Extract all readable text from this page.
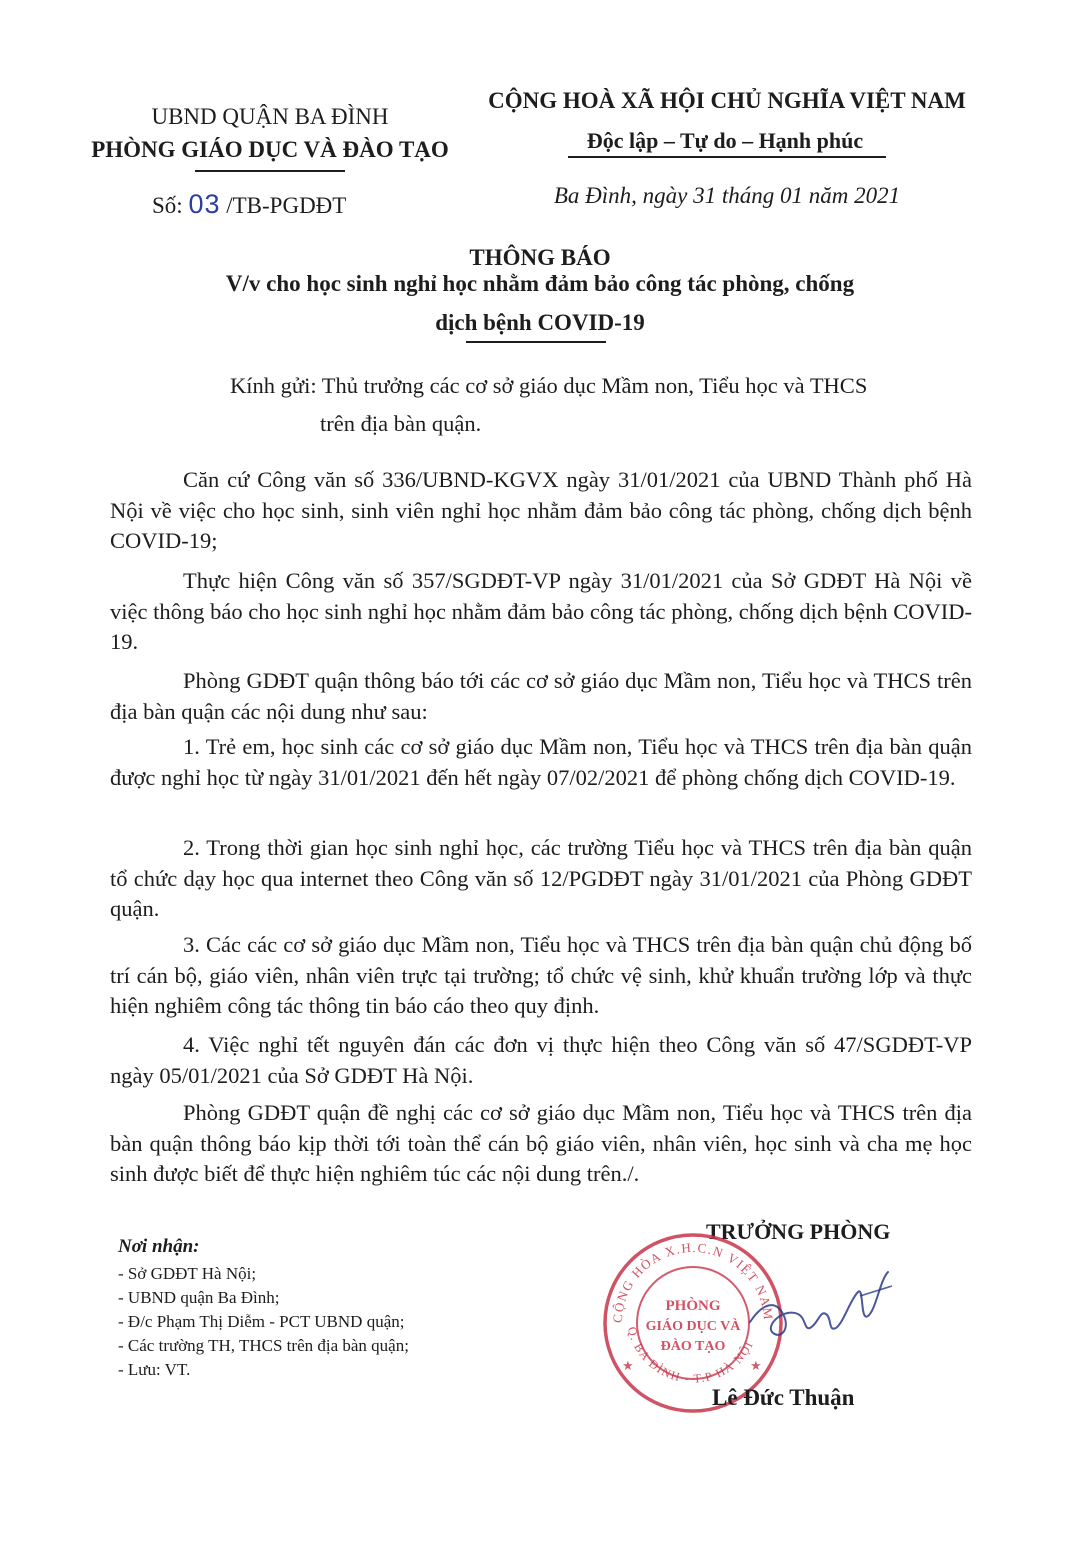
UBND QUẬN BA ĐÌNH
PHÒNG GIÁO DỤC VÀ ĐÀO TẠO
CỘNG HOÀ XÃ HỘI CHỦ NGHĨA VIỆT NAM
Độc lập – Tự do – Hạnh phúc
Số: 03 /TB-PGDĐT	Ba Đình, ngày 31 tháng 01 năm 2021
THÔNG BÁO
V/v cho học sinh nghỉ học nhằm đảm bảo công tác phòng, chống
dịch bệnh COVID-19
Kính gửi: Thủ trưởng các cơ sở giáo dục Mầm non, Tiểu học và THCS
trên địa bàn quận.
Căn cứ Công văn số 336/UBND-KGVX ngày 31/01/2021 của UBND Thành phố Hà Nội về việc cho học sinh, sinh viên nghỉ học nhằm đảm bảo công tác phòng, chống dịch bệnh COVID-19;
Thực hiện Công văn số 357/SGDĐT-VP ngày 31/01/2021 của Sở GDĐT Hà Nội về việc thông báo cho học sinh nghỉ học nhằm đảm bảo công tác phòng, chống dịch bệnh COVID-19.
Phòng GDĐT quận thông báo tới các cơ sở giáo dục Mầm non, Tiểu học và THCS trên địa bàn quận các nội dung như sau:
1. Trẻ em, học sinh các cơ sở giáo dục Mầm non, Tiểu học và THCS trên địa bàn quận được nghỉ học từ ngày 31/01/2021 đến hết ngày 07/02/2021 để phòng chống dịch COVID-19.
2. Trong thời gian học sinh nghỉ học, các trường Tiểu học và THCS trên địa bàn quận tổ chức dạy học qua internet theo Công văn số 12/PGDĐT ngày 31/01/2021 của Phòng GDĐT quận.
3. Các các cơ sở giáo dục Mầm non, Tiểu học và THCS trên địa bàn quận chủ động bố trí cán bộ, giáo viên, nhân viên trực tại trường; tổ chức vệ sinh, khử khuẩn trường lớp và thực hiện nghiêm công tác thông tin báo cáo theo quy định.
4. Việc nghỉ tết nguyên đán các đơn vị thực hiện theo Công văn số 47/SGDĐT-VP ngày 05/01/2021 của Sở GDĐT Hà Nội.
Phòng GDĐT quận đề nghị các cơ sở giáo dục Mầm non, Tiểu học và THCS trên địa bàn quận thông báo kịp thời tới toàn thể cán bộ giáo viên, nhân viên, học sinh và cha mẹ học sinh được biết để thực hiện nghiêm túc các nội dung trên./.
Nơi nhận:
- Sở GDĐT Hà Nội;
- UBND quận Ba Đình;
- Đ/c Phạm Thị Diễm - PCT UBND quận;
- Các trường TH, THCS trên địa bàn quận;
- Lưu: VT.
TRƯỞNG PHÒNG
CỘNG HÒA X.H.C.N VIỆT NAM
Q. BA ĐÌNH - T.P HÀ NỘI
PHÒNG
GIÁO DỤC VÀ
ĐÀO TẠO
★	★
Lê Đức Thuận
